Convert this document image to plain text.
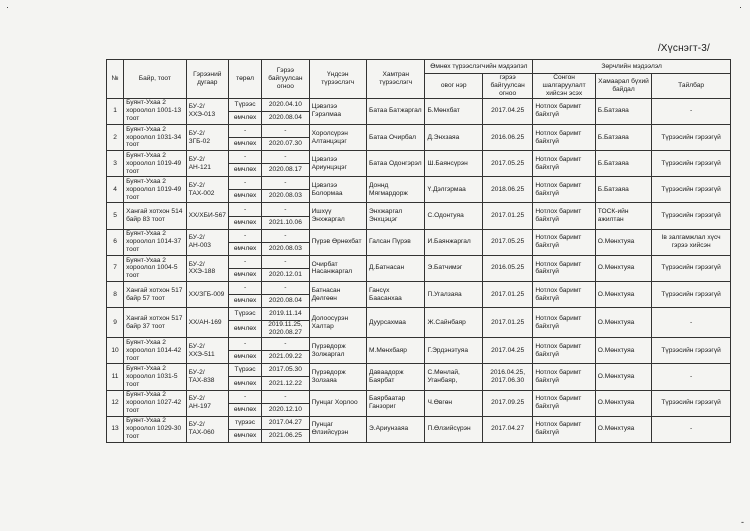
·	·
-
/Хүснэгт-3/
№	Байр, тоот	Гэрээний дугаар	төрөл	Гэрээ байгуулсан огноо	Үндсэн түрээслэгч	Хамтран түрээслэгч	Өмнөх түрээслэгчийн мэдээлэл		Зөрчлийн мэдээлэл		
							овог нэр	гэрээ байгуулсан огноо	Сонгон шалгаруулалт хийсэн эсэх	Хамаарал бүхий байдал	Тайлбар
1	Буянт-Ухаа 2 хороолол 1001-13 тоот	БУ-2/ХХЭ-013	Түрээс	2020.04.10	Цэвэлээ Гэрэлмаа	Батаа Батжаргал	Б.Мөнхбат	2017.04.25	Нотлох баримт байхгүй	Б.Батзаяа	-
			өмчлөх	2020.08.04							
2	Буянт-Ухаа 2 хороолол 1031-34 тоот	БУ-2/ЗГБ-02	-	-	Хоролсүрэн Алтанцэцэг	Батаа Очирбал	Д.Энхзаяа	2016.06.25	Нотлох баримт байхгүй	Б.Батзаяа	Түрээсийн гэрээгүй
			өмчлөх	2020.07.30							
3	Буянт-Ухаа 2 хороолол 1019-49 тоот	БУ-2/АН-121	-	-	Цэвэлээ Ариунцэцэг	Батаа Одонгэрэл	Ш.Баянсүрэн	2017.05.25	Нотлох баримт байхгүй	Б.Батзаяа	Түрээсийн гэрээгүй
			өмчлөх	2020.08.17							
4	Буянт-Ухаа 2 хороолол 1019-49 тоот	БУ-2/ТАХ-002	-	-	Цэвэлээ Болормаа	Доннд Мягмардорж	Ү.Дэлгэрмаа	2018.06.25	Нотлох баримт байхгүй	Б.Батзаяа	Түрээсийн гэрээгүй
			өмчлөх	2020.08.03							
5	Хангай хотхон 514 байр 83 тоот	ХХ/ХБИ-567	-	-	Ишхүү Энхжаргал	Энхжаргал Энхцэцэг	С.Одонтуяа	2017.01.25	Нотлох баримт байхгүй	ТОСК-ийн ажилтан	Түрээсийн гэрээгүй
			өмчлөх	2021.10.06							
6	Буянт-Ухаа 2 хороолол 1014-37 тоот	БУ-2/АН-003	-	-	Пүрэв Өрнөхбат	Галсан Пүрэв	И.Баянжаргал	2017.05.25	Нотлох баримт байхгүй	О.Мөнхтуяа	Ів залгамжлал хүсч гэрээ хийсэн
			өмчлөх	2020.08.03							
7	Буянт-Ухаа 2 хороолол 1004-5 тоот	БУ-2/ХХЭ-188	-	-	Очирбат Насанжаргал	Д.Батнасан	Э.Батчимэг	2016.05.25	Нотлох баримт байхгүй	О.Мөнхтуяа	Түрээсийн гэрээгүй
			өмчлөх	2020.12.01							
8	Хангай хотхон 517 байр 57 тоот	ХХ/ЗГБ-009	-	-	Батнасан Дөлгөөн	Гансүх Баасанхаа	П.Угалзаяа	2017.01.25	Нотлох баримт байхгүй	О.Мөнхтуяа	Түрээсийн гэрээгүй
			өмчлөх	2020.08.04							
9	Хангай хотхон 517 байр 37 тоот	ХХ/АН-169	Түрээс	2019.11.14	Долоосүрэн Халтар	Дуурсахмаа	Ж.Сайнбаяр	2017.01.25	Нотлох баримт байхгүй	О.Мөнхтуяа	-
			өмчлөх	2019.11.25, 2020.08.27							
10	Буянт-Ухаа 2 хороолол 1014-42 тоот	БУ-2/ХХЭ-511	-	-	Пүрэвдорж Золжаргал	М.Мөнхбаяр	Г.Эрдэнэтуяа	2017.04.25	Нотлох баримт байхгүй	О.Мөнхтуяа	Түрээсийн гэрээгүй
			өмчлөх	2021.09.22							
11	Буянт-Ухаа 2 хороолол 1031-5 тоот	БУ-2/ТАХ-838	Түрээс	2017.05.30	Пүрэвдорж Золзаяа	Даваадорж Баярбат	С.Мөнлай, Уганбаяр,	2016.04.25, 2017.06.30	Нотлох баримт байхгүй	О.Мөнхтуяа	-
			өмчлөх	2021.12.22							
12	Буянт-Ухаа 2 хороолол 1027-42 тоот	БУ-2/АН-197	-	-	Пунцаг Хорлоо	Баярбаатар Ганзориг	Ч.Өвгөн	2017.09.25	Нотлох баримт байхгүй	О.Мөнхтуяа	Түрээсийн гэрээгүй
			өмчлөх	2020.12.10							
13	Буянт-Ухаа 2 хороолол 1029-30 тоот	БУ-2/ТАХ-060	түрээс	2017.04.27	Пунцаг Өлзийсүрэн	Э.Ариунзаяа	П.Өлзийсүрэн	2017.04.27	Нотлох баримт байхгүй	О.Мөнхтуяа	-
			өмчлөх	2021.06.25							
